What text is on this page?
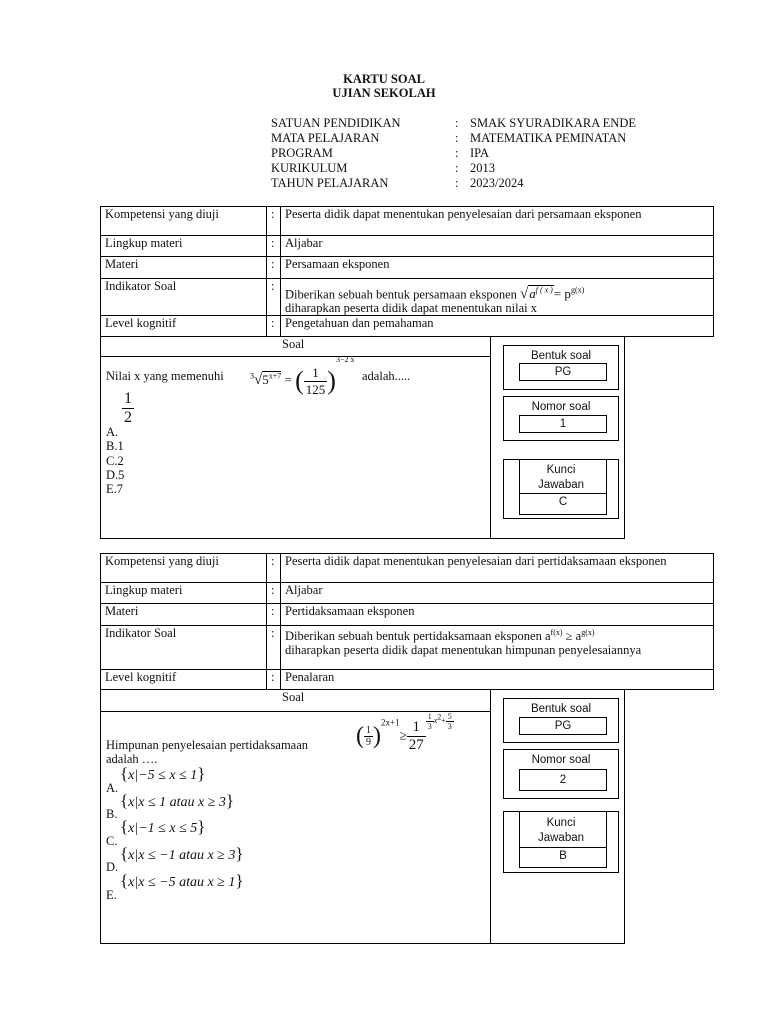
KARTU SOAL
UJIAN SEKOLAH
SATUAN PENDIDIKAN	: SMAK SYURADIKARA ENDE
MATA PELAJARAN	: MATEMATIKA PEMINATAN
PROGRAM	: IPA
KURIKULUM	: 2013
TAHUN PELAJARAN	: 2023/2024
Kompetensi yang diuji	:	Peserta didik dapat menentukan penyelesaian dari persamaan eksponen
Lingkup materi	:	Aljabar
Materi	:	Persamaan eksponen
Indikator Soal	:	Diberikan sebuah bentuk persamaan eksponen $√a^{f ( x )}= p^{g(x)}$
diharapkan peserta didik dapat menentukan nilai x
Level kognitif	:	Pengetahuan dan pemahaman
Soal
Nilai x yang memenuhi	$^3√5^{x+7}$ = ( $\frac{1}{125} )^{3-2 x}$
adalah.....
$\frac{1}{2}$
A.
B.1
C.2
D.5
E.7
Bentuk soal
PG
Nomor soal
1
Kunci
Jawaban
C
Kompetensi yang diuji	:	Peserta didik dapat menentukan penyelesaian dari pertidaksamaan eksponen
Lingkup materi	:	Aljabar
Materi	:	Pertidaksamaan eksponen
Indikator Soal	:	Diberikan sebuah bentuk pertidaksamaan eksponen $a^{f(x)} \ge a^{g(x)}$
diharapkan peserta didik dapat menentukan himpunan penyelesaiannya
Level kognitif	:	Penalaran
Soal
( $\frac{1}{9} )^{2x+1}\ge \frac{1}{27} ^{\frac{1}{3} x^2+ \frac{5}{3}}$
Himpunan penyelesaian pertidaksamaan
adalah ….
{x|−5 ≤ x ≤ 1}
A.
{x|x ≤ 1 atau x ≥ 3}
B.
{x|−1 ≤ x ≤ 5}
C.
{x|x ≤ −1 atau x ≥ 3}
D.
{x|x ≤ −5 atau x ≥ 1}
E.
Bentuk soal
PG
Nomor soal
2
Kunci
Jawaban
B
